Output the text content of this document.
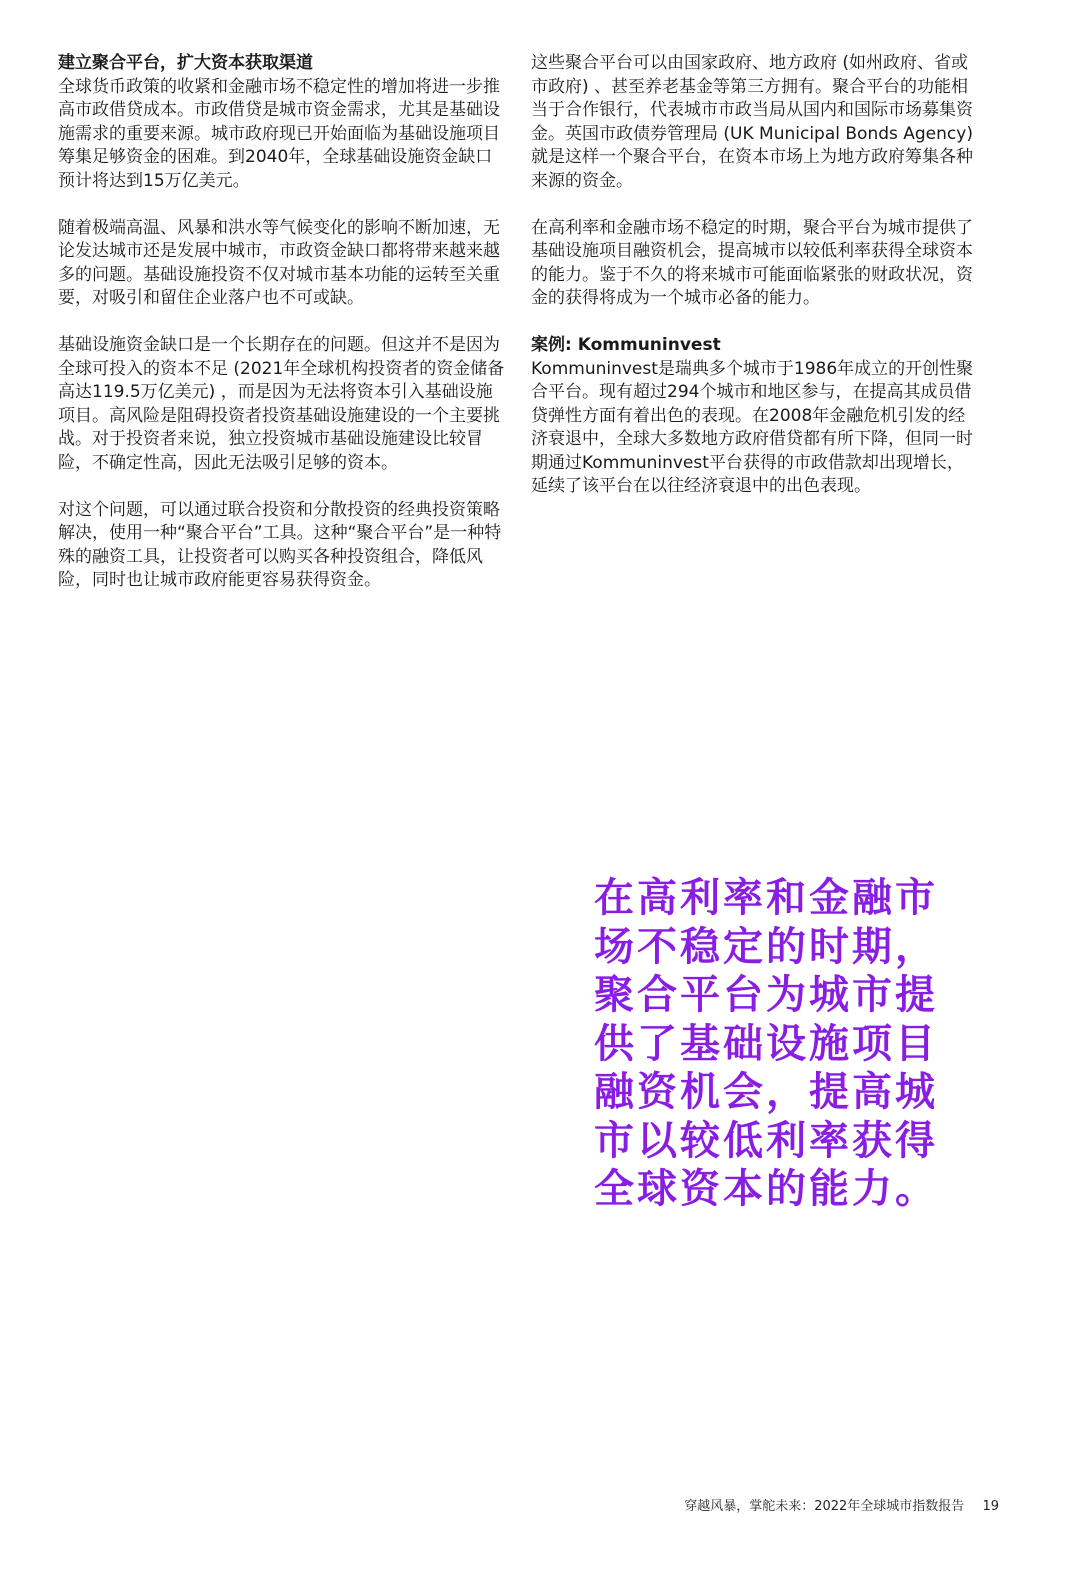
建立聚合平台，扩大资本获取渠道

全球货币政策的收紧和金融市场不稳定性的增加将进一步推高市政借贷成本。市政借贷是城市资金需求，尤其是基础设施需求的重要来源。城市政府现已开始面临为基础设施项目筹集足够资金的困难。到2040年，全球基础设施资金缺口预计将达到15万亿美元。

随着极端高温、风暴和洪水等气候变化的影响不断加速，无论发达城市还是发展中城市，市政资金缺口都将带来越来越多的问题。基础设施投资不仅对城市基本功能的运转至关重要，对吸引和留住企业落户也不可或缺。

基础设施资金缺口是一个长期存在的问题。但这并不是因为全球可投入的资本不足 (2021年全球机构投资者的资金储备高达119.5万亿美元) ，而是因为无法将资本引入基础设施项目。高风险是阻碍投资者投资基础设施建设的一个主要挑战。对于投资者来说，独立投资城市基础设施建设比较冒险，不确定性高，因此无法吸引足够的资本。

对这个问题，可以通过联合投资和分散投资的经典投资策略解决，使用一种“聚合平台”工具。这种“聚合平台”是一种特殊的融资工具，让投资者可以购买各种投资组合，降低风险，同时也让城市政府能更容易获得资金。

这些聚合平台可以由国家政府、地方政府 (如州政府、省或市政府) 、甚至养老基金等第三方拥有。聚合平台的功能相当于合作银行，代表城市市政当局从国内和国际市场募集资金。英国市政债券管理局 (UK Municipal Bonds Agency) 就是这样一个聚合平台，在资本市场上为地方政府筹集各种来源的资金。

在高利率和金融市场不稳定的时期，聚合平台为城市提供了基础设施项目融资机会，提高城市以较低利率获得全球资本的能力。鉴于不久的将来城市可能面临紧张的财政状况，资金的获得将成为一个城市必备的能力。

案例: Kommuninvest

Kommuninvest是瑞典多个城市于1986年成立的开创性聚合平台。现有超过294个城市和地区参与，在提高其成员借贷弹性方面有着出色的表现。在2008年金融危机引发的经济衰退中，全球大多数地方政府借贷都有所下降，但同一时期通过Kommuninvest平台获得的市政借款却出现增长，延续了该平台在以往经济衰退中的出色表现。

在高利率和金融市场不稳定的时期，聚合平台为城市提供了基础设施项目融资机会，提高城市以较低利率获得全球资本的能力。

穿越风暴，掌舵未来：2022年全球城市指数报告 19
